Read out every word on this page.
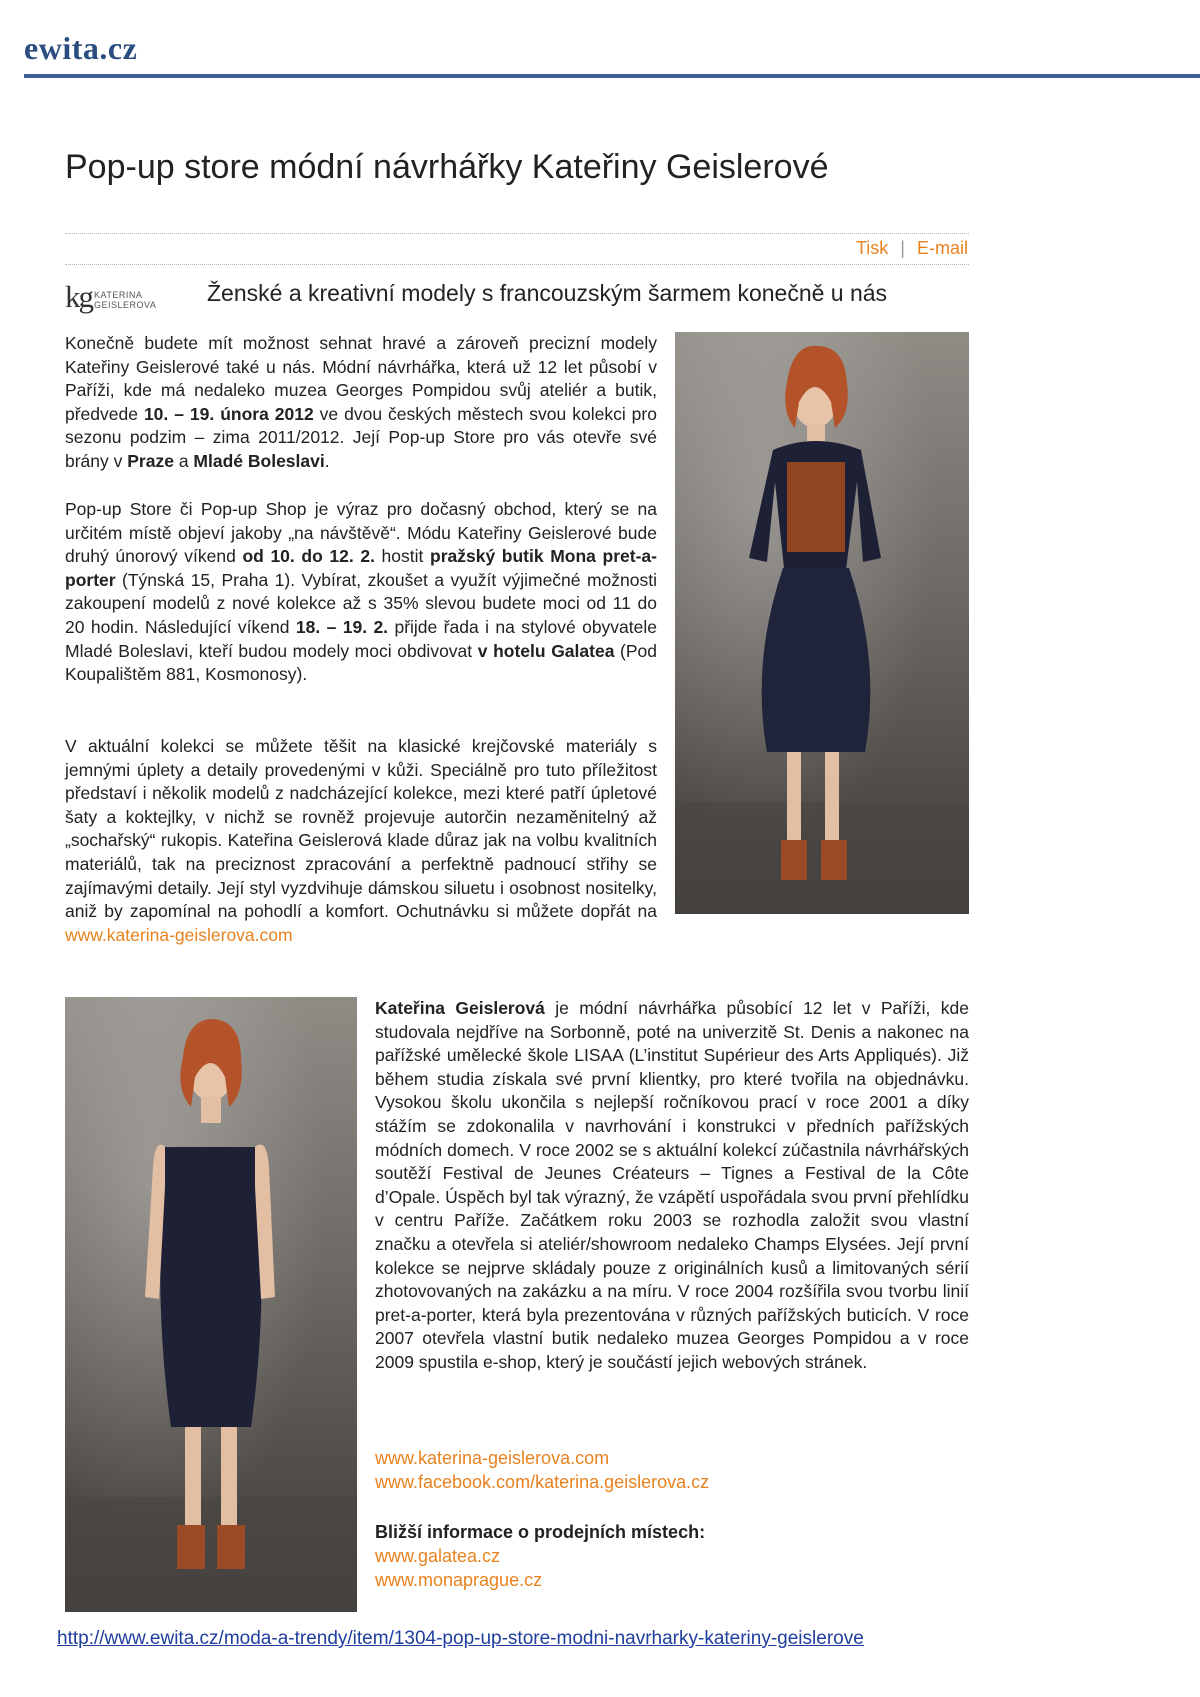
ewita.cz
Pop-up store módní návrhářky Kateřiny Geislerové
Tisk | E-mail
kg KATERINA
GEISLEROVA Ženské a kreativní modely s francouzským šarmem konečně u nás

Konečně budete mít možnost sehnat hravé a zároveň precizní modely Kateřiny Geislerové také u nás. Módní návrhářka, která už 12 let působí v Paříži, kde má nedaleko muzea Georges Pompidou svůj ateliér a butik, předvede 10. – 19. února 2012 ve dvou českých městech svou kolekci pro sezonu podzim – zima 2011/2012. Její Pop-up Store pro vás otevře své brány v Praze a Mladé Boleslavi.

Pop-up Store či Pop-up Shop je výraz pro dočasný obchod, který se na určitém místě objeví jakoby „na návštěvě“. Módu Kateřiny Geislerové bude druhý únorový víkend od 10. do 12. 2. hostit pražský butik Mona pret-a-porter (Týnská 15, Praha 1). Vybírat, zkoušet a využít výjimečné možnosti zakoupení modelů z nové kolekce až s 35% slevou budete moci od 11 do 20 hodin. Následující víkend 18. – 19. 2. přijde řada i na stylové obyvatele Mladé Boleslavi, kteří budou modely moci obdivovat v hotelu Galatea (Pod Koupalištěm 881, Kosmonosy).

V aktuální kolekci se můžete těšit na klasické krejčovské materiály s jemnými úplety a detaily provedenými v kůži. Speciálně pro tuto příležitost představí i několik modelů z nadcházející kolekce, mezi které patří úpletové šaty a koktejlky, v nichž se rovněž projevuje autorčin nezaměnitelný až „sochařský“ rukopis. Kateřina Geislerová klade důraz jak na volbu kvalitních materiálů, tak na preciznost zpracování a perfektně padnoucí střihy se zajímavými detaily. Její styl vyzdvihuje dámskou siluetu i osobnost nositelky, aniž by zapomínal na pohodlí a komfort. Ochutnávku si můžete dopřát na www.katerina-geislerova.com

Kateřina Geislerová je módní návrhářka působící 12 let v Paříži, kde studovala nejdříve na Sorbonně, poté na univerzitě St. Denis a nakonec na pařížské umělecké škole LISAA (L’institut Supérieur des Arts Appliqués). Již během studia získala své první klientky, pro které tvořila na objednávku. Vysokou školu ukončila s nejlepší ročníkovou prací v roce 2001 a díky stážím se zdokonalila v navrhování i konstrukci v předních pařížských módních domech. V roce 2002 se s aktuální kolekcí zúčastnila návrhářských soutěží Festival de Jeunes Créateurs – Tignes a Festival de la Côte d’Opale. Úspěch byl tak výrazný, že vzápětí uspořádala svou první přehlídku v centru Paříže. Začátkem roku 2003 se rozhodla založit svou vlastní značku a otevřela si ateliér/showroom nedaleko Champs Elysées. Její první kolekce se nejprve skládaly pouze z originálních kusů a limitovaných sérií zhotovovaných na zakázku a na míru. V roce 2004 rozšířila svou tvorbu linií pret-a-porter, která byla prezentována v různých pařížských buticích. V roce 2007 otevřela vlastní butik nedaleko muzea Georges Pompidou a v roce 2009 spustila e-shop, který je součástí jejich webových stránek.

www.katerina-geislerova.com
www.facebook.com/katerina.geislerova.cz
Bližší informace o prodejních místech:
www.galatea.cz
www.monaprague.cz
http://www.ewita.cz/moda-a-trendy/item/1304-pop-up-store-modni-navrharky-kateriny-geislerove
